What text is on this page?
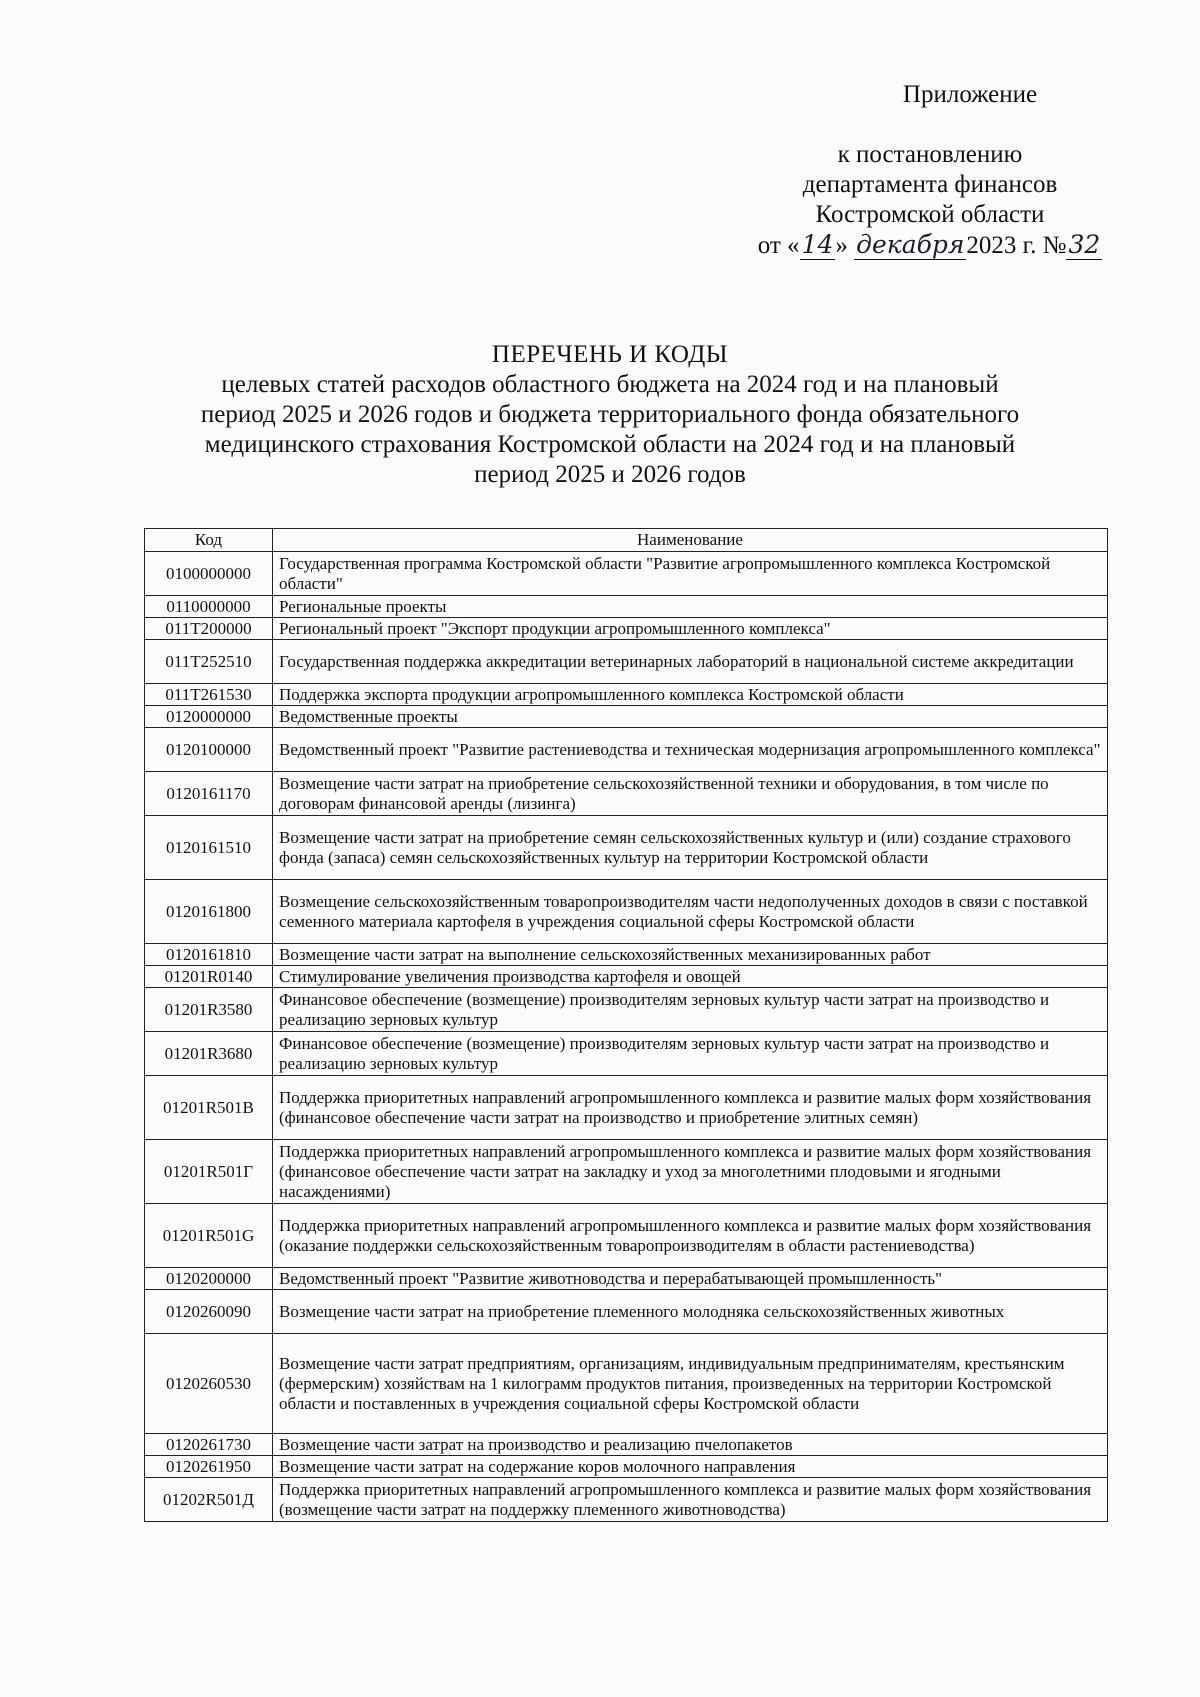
Приложение
к постановлению
департамента финансов
Костромской области
от «14» декабря2023 г. №32
ПЕРЕЧЕНЬ И КОДЫ
целевых статей расходов областного бюджета на 2024 год и на плановый
период 2025 и 2026 годов и бюджета территориального фонда обязательного
медицинского страхования Костромской области на 2024 год и на плановый
период 2025 и 2026 годов
Код	Наименование
0100000000	Государственная программа Костромской области "Развитие агропромышленного комплекса Костромской области"
0110000000	Региональные проекты
011Т200000	Региональный проект "Экспорт продукции агропромышленного комплекса"
011Т252510	Государственная поддержка аккредитации ветеринарных лабораторий в национальной системе аккредитации
011Т261530	Поддержка экспорта продукции агропромышленного комплекса Костромской области
0120000000	Ведомственные проекты
0120100000	Ведомственный проект "Развитие растениеводства и техническая модернизация агропромышленного комплекса"
0120161170	Возмещение части затрат на приобретение сельскохозяйственной техники и оборудования, в том числе по договорам финансовой аренды (лизинга)
0120161510	Возмещение части затрат на приобретение семян сельскохозяйственных культур и (или) создание страхового фонда (запаса) семян сельскохозяйственных культур на территории Костромской области
0120161800	Возмещение сельскохозяйственным товаропроизводителям части недополученных доходов в связи с поставкой семенного материала картофеля в учреждения социальной сферы Костромской области
0120161810	Возмещение части затрат на выполнение сельскохозяйственных механизированных работ
01201R0140	Стимулирование увеличения производства картофеля и овощей
01201R3580	Финансовое обеспечение (возмещение) производителям зерновых культур части затрат на производство и реализацию зерновых культур
01201R3680	Финансовое обеспечение (возмещение) производителям зерновых культур части затрат на производство и реализацию зерновых культур
01201R501В	Поддержка приоритетных направлений агропромышленного комплекса и развитие малых форм хозяйствования (финансовое обеспечение части затрат на производство и приобретение элитных семян)
01201R501Г	Поддержка приоритетных направлений агропромышленного комплекса и развитие малых форм хозяйствования (финансовое обеспечение части затрат на закладку и уход за многолетними плодовыми и ягодными насаждениями)
01201R501G	Поддержка приоритетных направлений агропромышленного комплекса и развитие малых форм хозяйствования (оказание поддержки сельскохозяйственным товаропроизводителям в области растениеводства)
0120200000	Ведомственный проект "Развитие животноводства и перерабатывающей промышленность"
0120260090	Возмещение части затрат на приобретение племенного молодняка сельскохозяйственных животных
0120260530	Возмещение части затрат предприятиям, организациям, индивидуальным предпринимателям, крестьянским (фермерским) хозяйствам на 1 килограмм продуктов питания, произведенных на территории Костромской области и поставленных в учреждения социальной сферы Костромской области
0120261730	Возмещение части затрат на производство и реализацию пчелопакетов
0120261950	Возмещение части затрат на содержание коров молочного направления
01202R501Д	Поддержка приоритетных направлений агропромышленного комплекса и развитие малых форм хозяйствования (возмещение части затрат на поддержку племенного животноводства)
